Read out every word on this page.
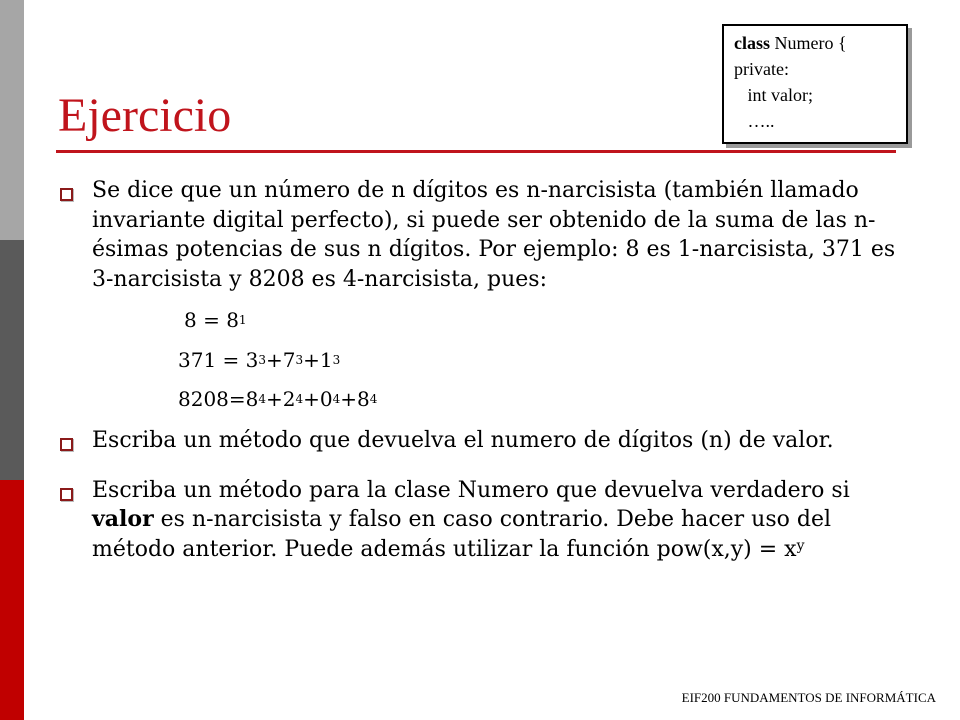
Ejercicio
class Numero {
private:
int valor;
…..
Se dice que un número de n dígitos es n-narcisista (también llamado invariante digital perfecto), si puede ser obtenido de la suma de las n-ésimas potencias de sus n dígitos. Por ejemplo: 8 es 1-narcisista, 371 es 3-narcisista y 8208 es 4-narcisista, pues:
$8 = 8^1$
$371 = 3^3+7^3+1^3$
$8208=8^4+2^4+0^4+8^4$
Escriba un método que devuelva el numero de dígitos (n) de valor.
Escriba un método para la clase Numero que devuelva verdadero si valor es n-narcisista y falso en caso contrario. Debe hacer uso del método anterior. Puede además utilizar la función $pow(x,y) = x^y$
EIF200 FUNDAMENTOS DE INFORMÁTICA
